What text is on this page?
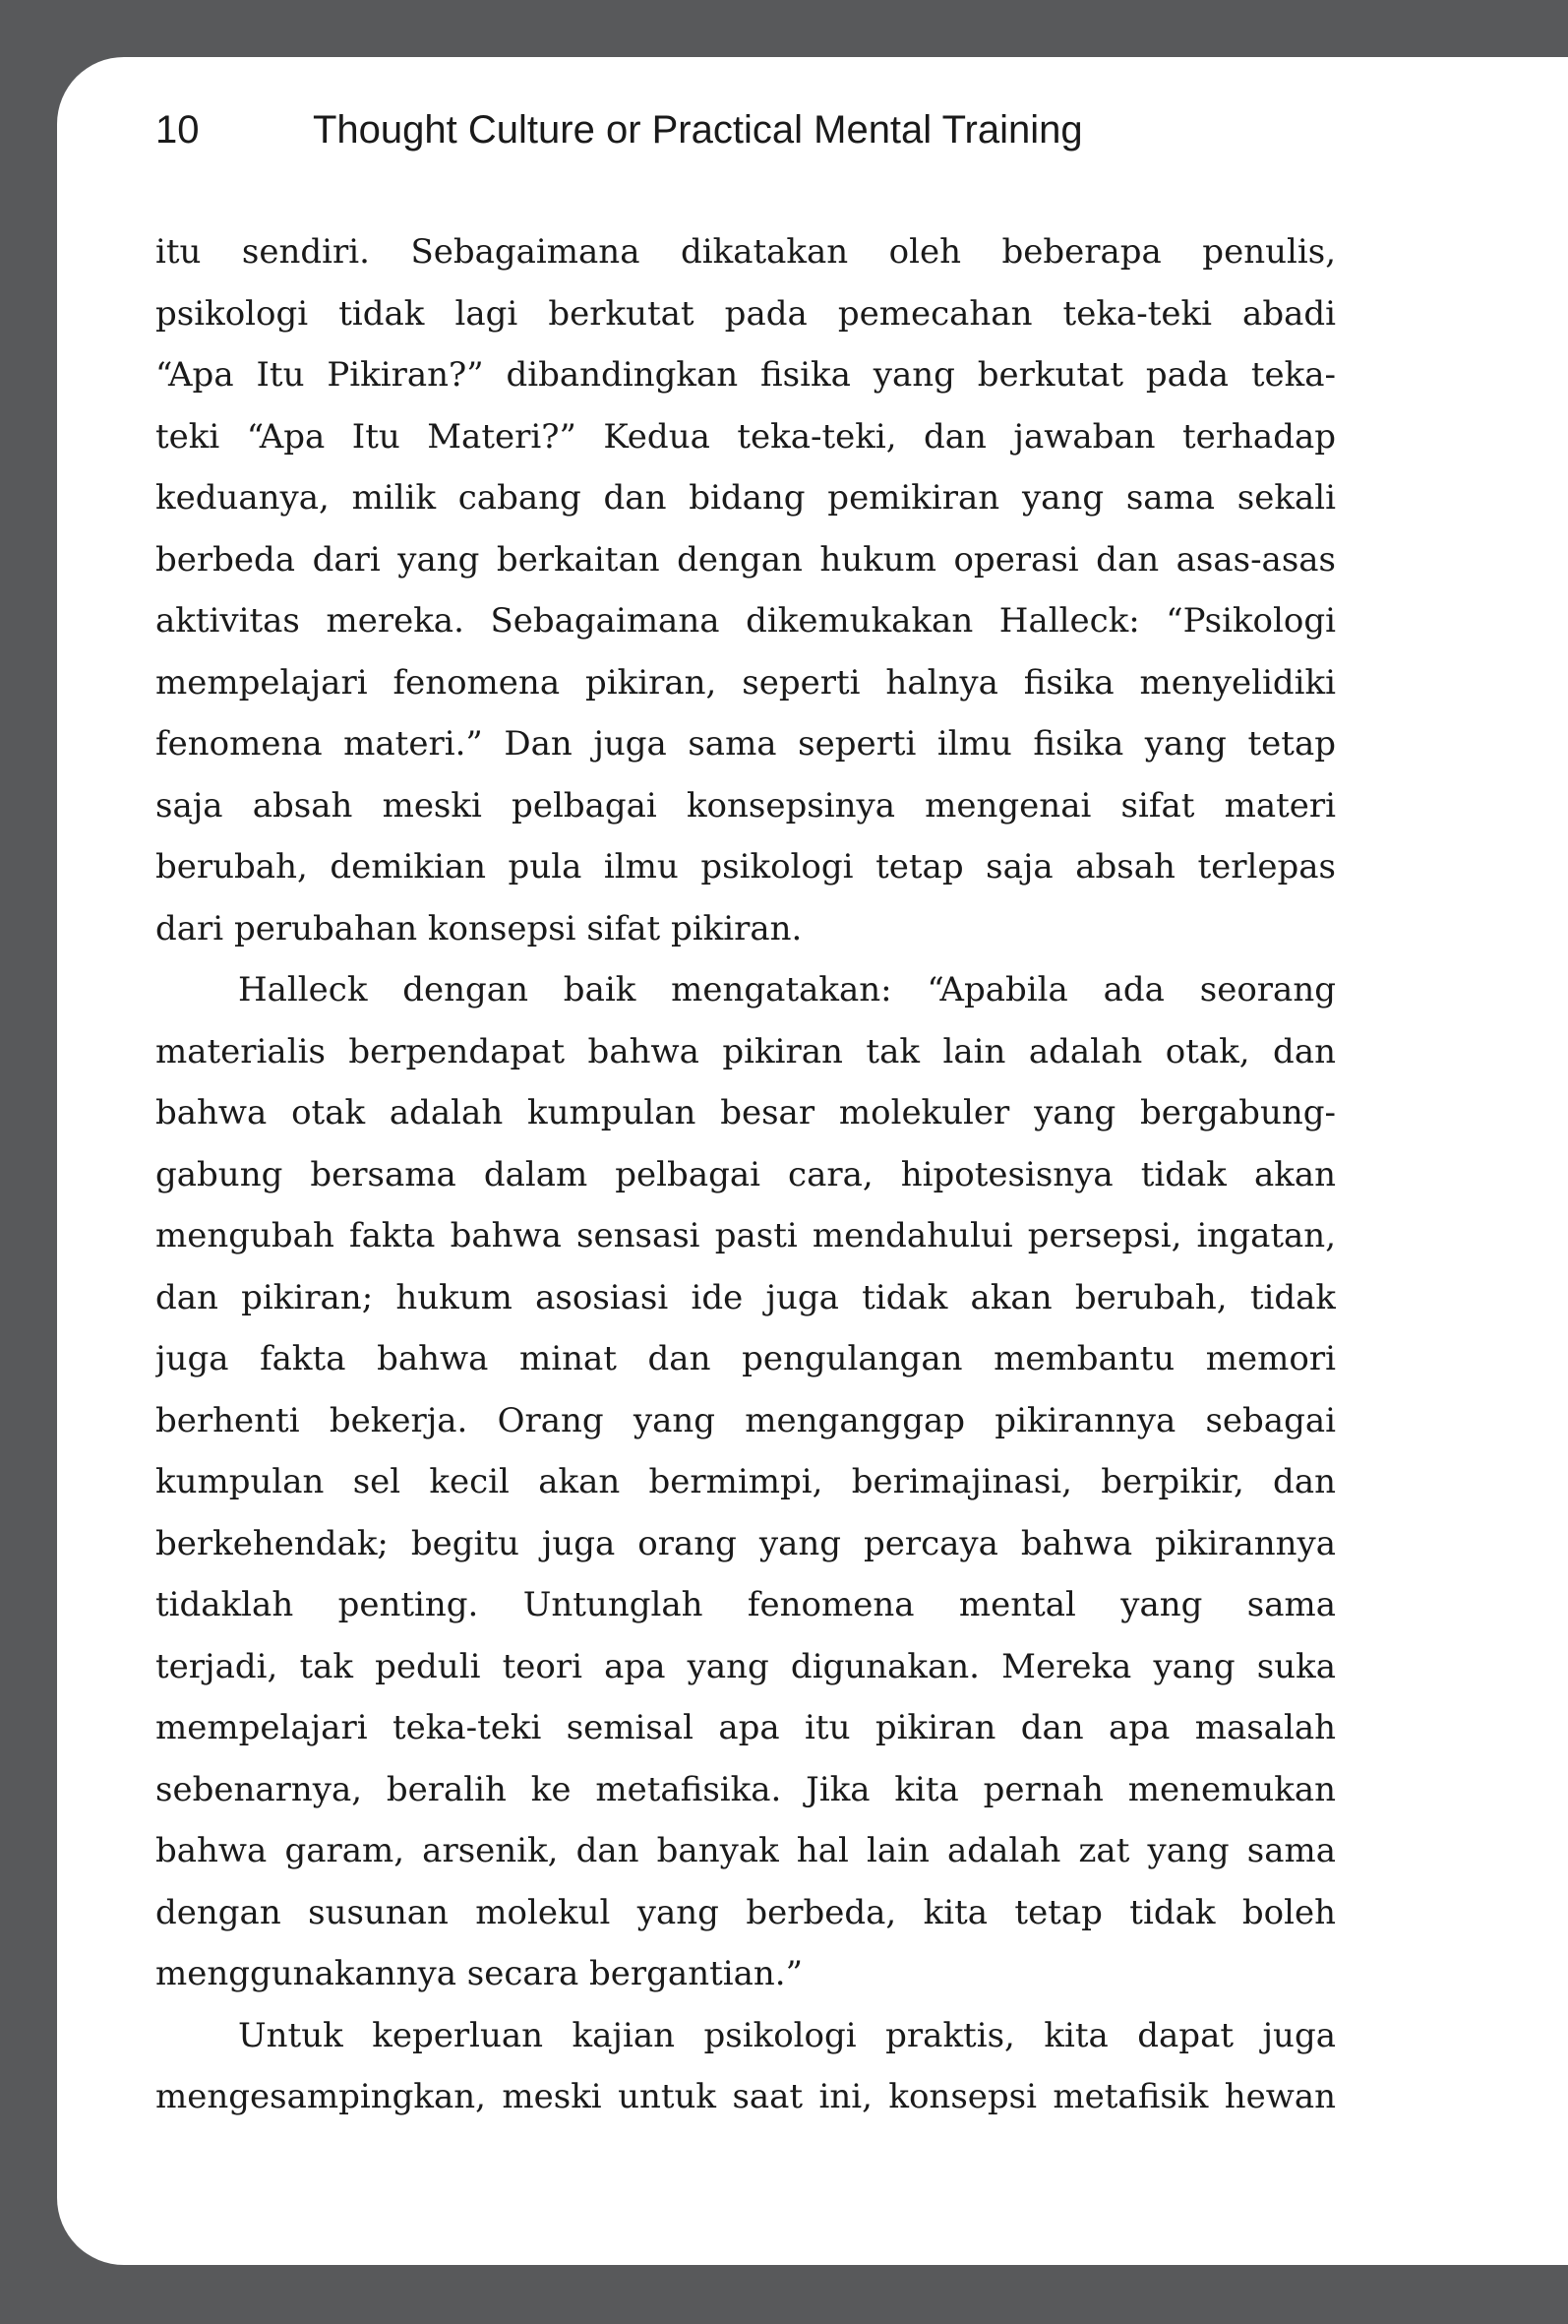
10	Thought Culture or Practical Mental Training

itu sendiri. Sebagaimana dikatakan oleh beberapa penulis,
psikologi tidak lagi berkutat pada pemecahan teka-teki abadi
“Apa Itu Pikiran?” dibandingkan fisika yang berkutat pada teka-
teki “Apa Itu Materi?” Kedua teka-teki, dan jawaban terhadap
keduanya, milik cabang dan bidang pemikiran yang sama sekali
berbeda dari yang berkaitan dengan hukum operasi dan asas-asas
aktivitas mereka. Sebagaimana dikemukakan Halleck: “Psikologi
mempelajari fenomena pikiran, seperti halnya fisika menyelidiki
fenomena materi.” Dan juga sama seperti ilmu fisika yang tetap
saja absah meski pelbagai konsepsinya mengenai sifat materi
berubah, demikian pula ilmu psikologi tetap saja absah terlepas
dari perubahan konsepsi sifat pikiran.

Halleck dengan baik mengatakan: “Apabila ada seorang
materialis berpendapat bahwa pikiran tak lain adalah otak, dan
bahwa otak adalah kumpulan besar molekuler yang bergabung-
gabung bersama dalam pelbagai cara, hipotesisnya tidak akan
mengubah fakta bahwa sensasi pasti mendahului persepsi, ingatan,
dan pikiran; hukum asosiasi ide juga tidak akan berubah, tidak
juga fakta bahwa minat dan pengulangan membantu memori
berhenti bekerja. Orang yang menganggap pikirannya sebagai
kumpulan sel kecil akan bermimpi, berimajinasi, berpikir, dan
berkehendak; begitu juga orang yang percaya bahwa pikirannya
tidaklah penting. Untunglah fenomena mental yang sama
terjadi, tak peduli teori apa yang digunakan. Mereka yang suka
mempelajari teka-teki semisal apa itu pikiran dan apa masalah
sebenarnya, beralih ke metafisika. Jika kita pernah menemukan
bahwa garam, arsenik, dan banyak hal lain adalah zat yang sama
dengan susunan molekul yang berbeda, kita tetap tidak boleh
menggunakannya secara bergantian.”

Untuk keperluan kajian psikologi praktis, kita dapat juga
mengesampingkan, meski untuk saat ini, konsepsi metafisik hewan
